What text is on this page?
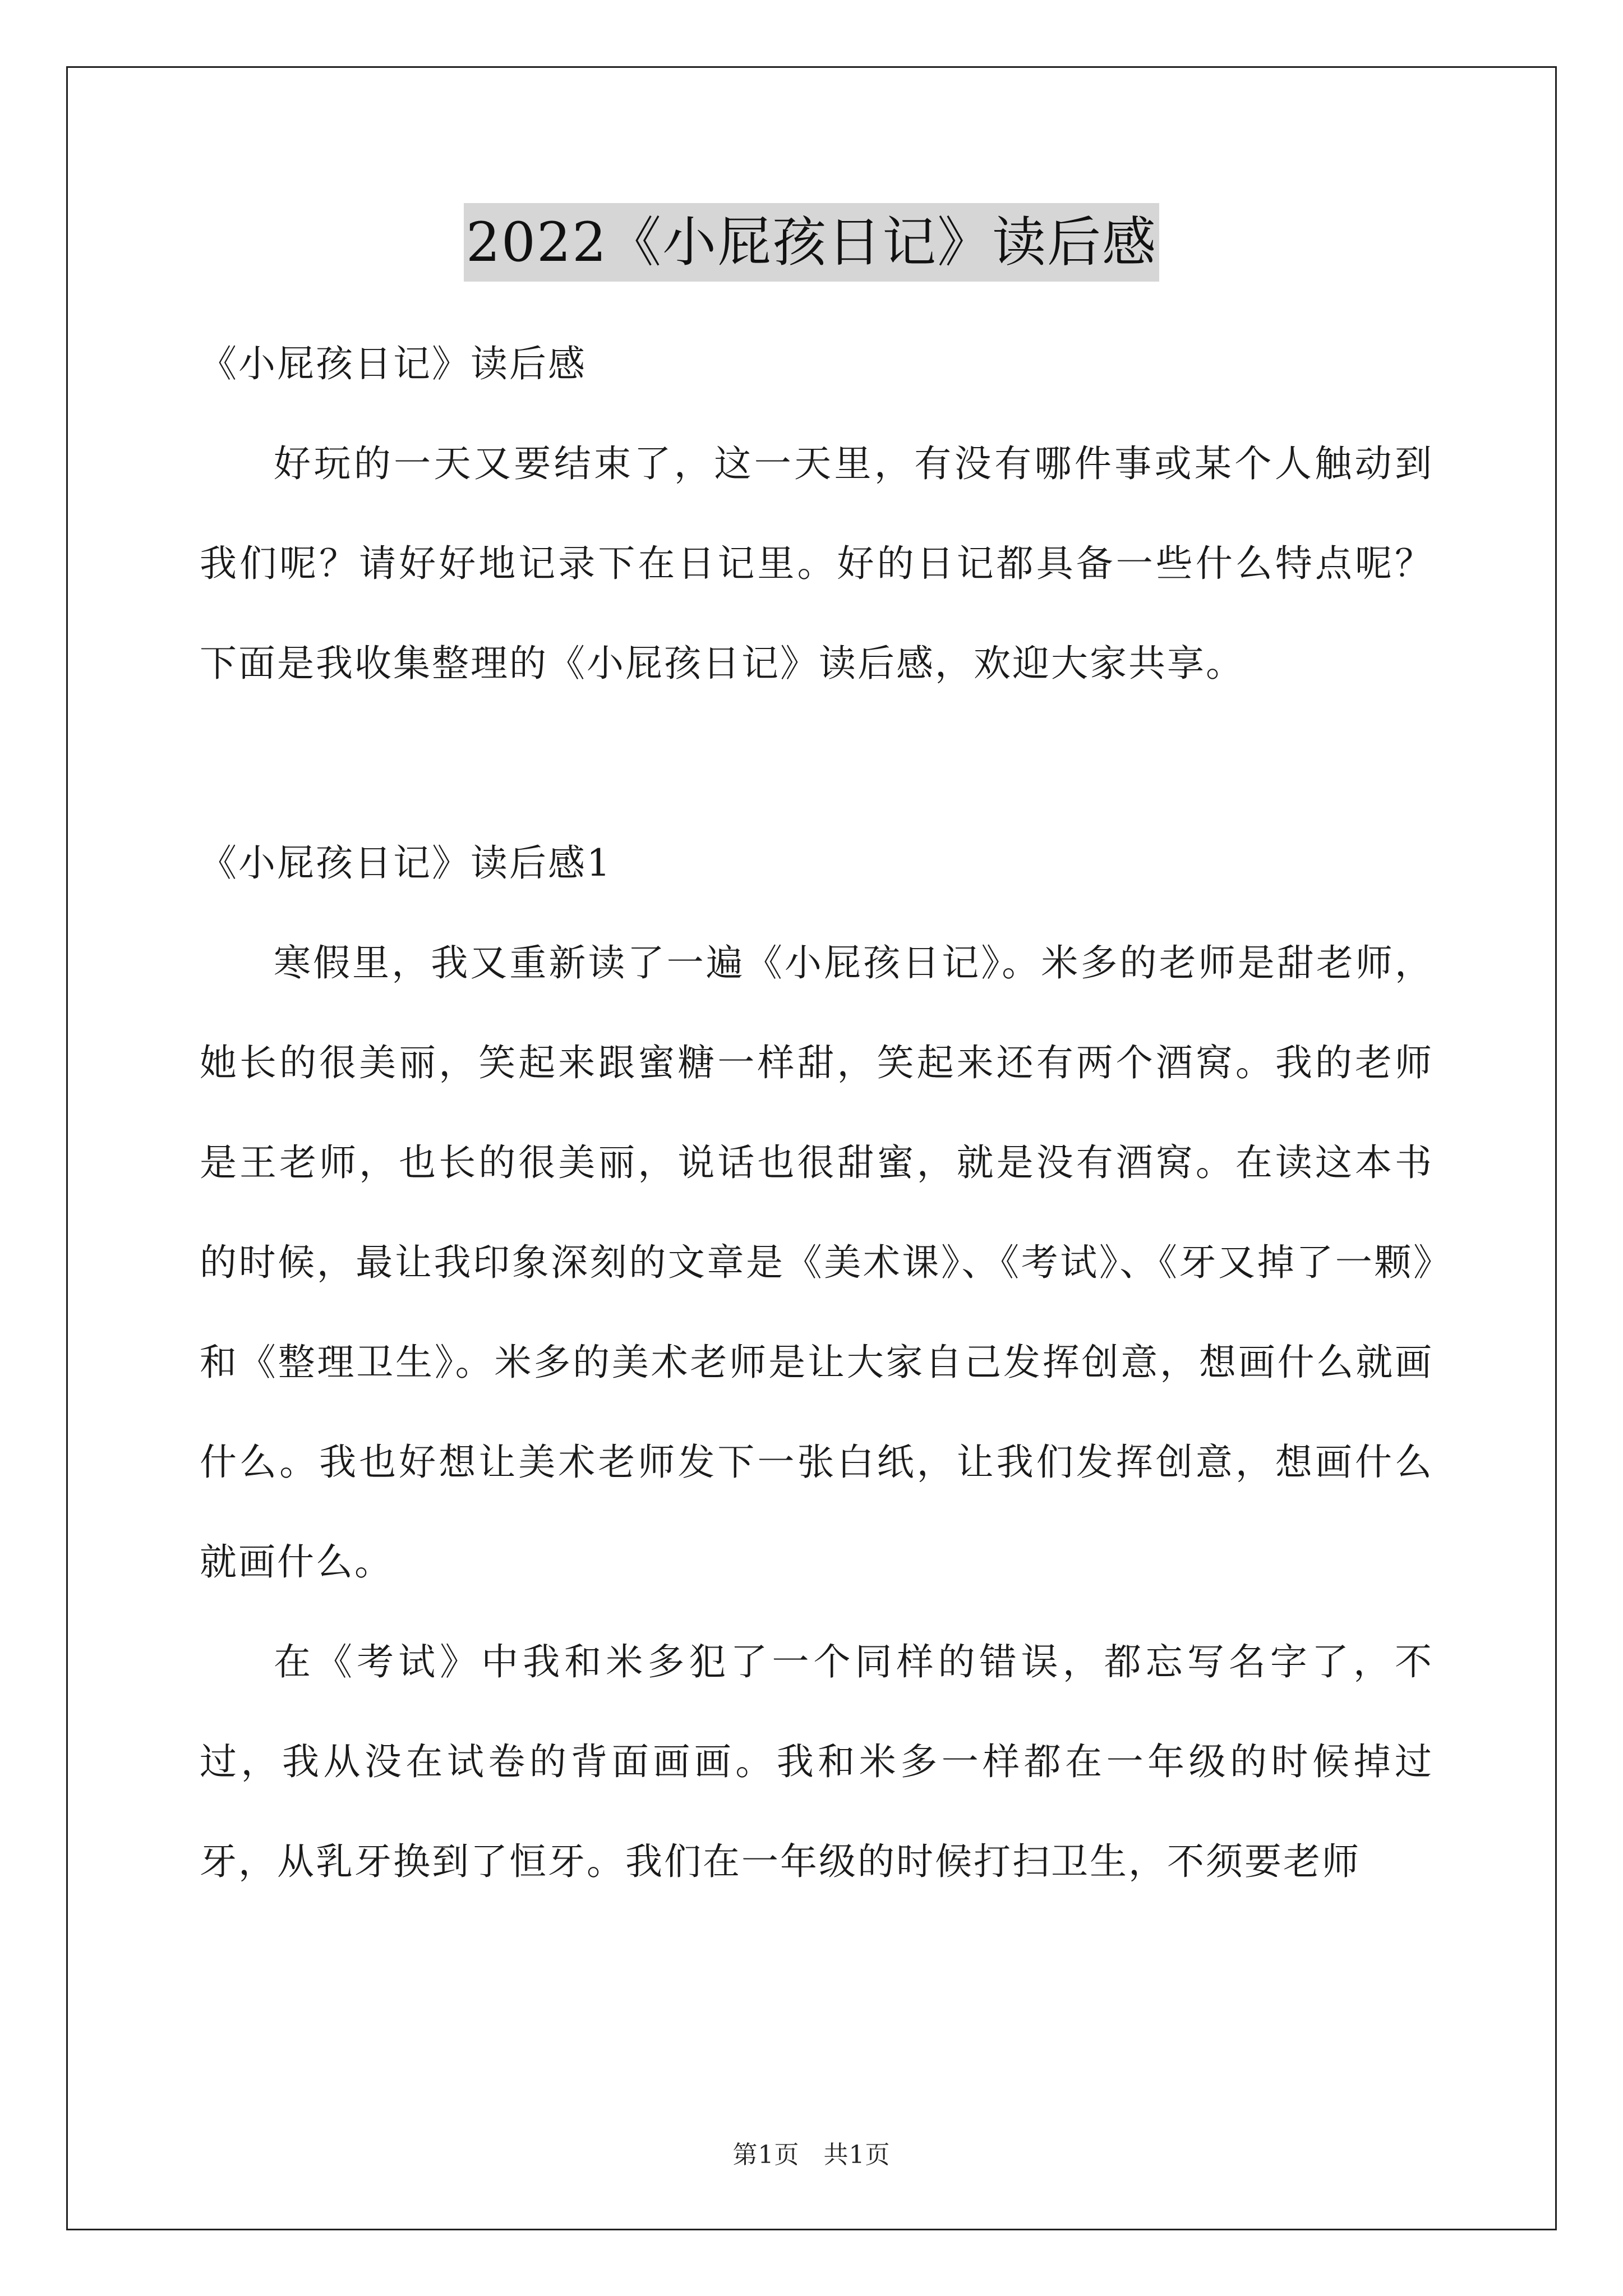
2022《小屁孩日记》读后感

《小屁孩日记》读后感

好玩的一天又要结束了，这一天里，有没有哪件事或某个人触动到我们呢？请好好地记录下在日记里。好的日记都具备一些什么特点呢？下面是我收集整理的《小屁孩日记》读后感，欢迎大家共享。

《小屁孩日记》读后感1

寒假里，我又重新读了一遍《小屁孩日记》。米多的老师是甜老师，她长的很美丽，笑起来跟蜜糖一样甜，笑起来还有两个酒窝。我的老师是王老师，也长的很美丽，说话也很甜蜜，就是没有酒窝。在读这本书的时候，最让我印象深刻的文章是《美术课》、《考试》、《牙又掉了一颗》和《整理卫生》。米多的美术老师是让大家自己发挥创意，想画什么就画什么。我也好想让美术老师发下一张白纸，让我们发挥创意，想画什么就画什么。

在《考试》中我和米多犯了一个同样的错误，都忘写名字了，不过，我从没在试卷的背面画画。我和米多一样都在一年级的时候掉过牙，从乳牙换到了恒牙。我们在一年级的时候打扫卫生，不须要老师

第1页 共1页
